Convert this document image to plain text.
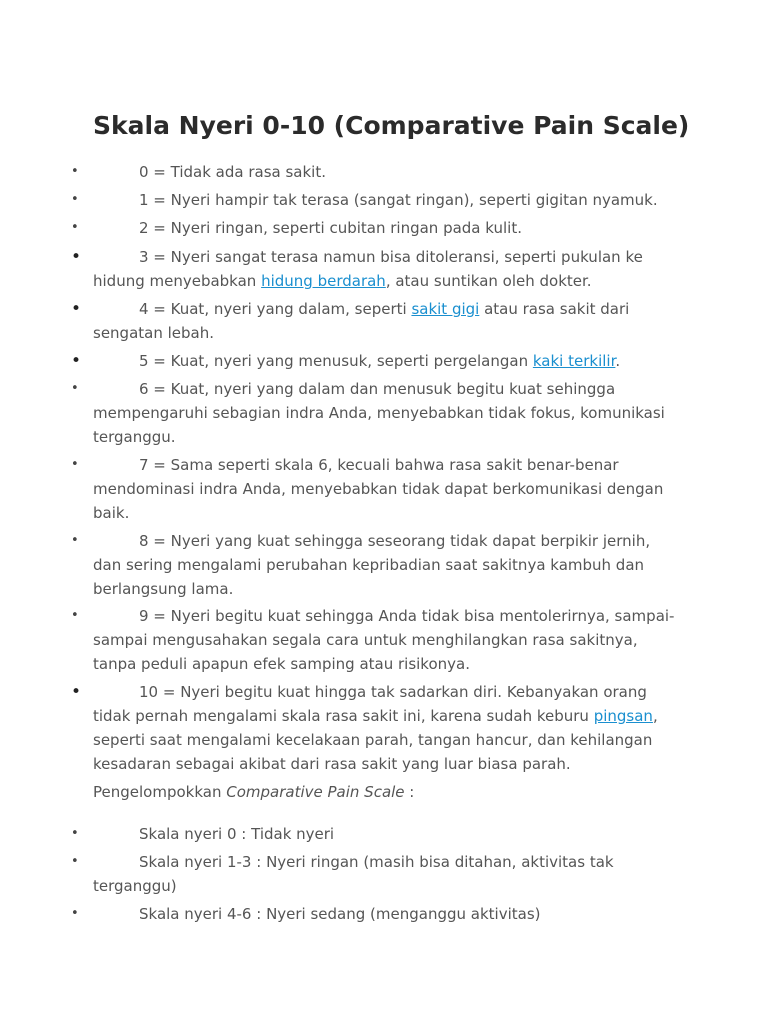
Skala Nyeri 0-10 (Comparative Pain Scale)
•	0 = Tidak ada rasa sakit.
•	1 = Nyeri hampir tak terasa (sangat ringan), seperti gigitan nyamuk.
•	2 = Nyeri ringan, seperti cubitan ringan pada kulit.
•	3 = Nyeri sangat terasa namun bisa ditoleransi, seperti pukulan ke hidung menyebabkan hidung berdarah, atau suntikan oleh dokter.
•	4 = Kuat, nyeri yang dalam, seperti sakit gigi atau rasa sakit dari sengatan lebah.
•	5 = Kuat, nyeri yang menusuk, seperti pergelangan kaki terkilir.
•	6 = Kuat, nyeri yang dalam dan menusuk begitu kuat sehingga mempengaruhi sebagian indra Anda, menyebabkan tidak fokus, komunikasi terganggu.
•	7 = Sama seperti skala 6, kecuali bahwa rasa sakit benar-benar mendominasi indra Anda, menyebabkan tidak dapat berkomunikasi dengan baik.
•	8 = Nyeri yang kuat sehingga seseorang tidak dapat berpikir jernih, dan sering mengalami perubahan kepribadian saat sakitnya kambuh dan berlangsung lama.
•	9 = Nyeri begitu kuat sehingga Anda tidak bisa mentolerirnya, sampai-sampai mengusahakan segala cara untuk menghilangkan rasa sakitnya, tanpa peduli apapun efek samping atau risikonya.
•	10 = Nyeri begitu kuat hingga tak sadarkan diri. Kebanyakan orang tidak pernah mengalami skala rasa sakit ini, karena sudah keburu pingsan, seperti saat mengalami kecelakaan parah, tangan hancur, dan kehilangan kesadaran sebagai akibat dari rasa sakit yang luar biasa parah.

Pengelompokkan Comparative Pain Scale :

•	Skala nyeri 0 : Tidak nyeri
•	Skala nyeri 1-3 : Nyeri ringan (masih bisa ditahan, aktivitas tak terganggu)
•	Skala nyeri 4-6 : Nyeri sedang (menganggu aktivitas)
